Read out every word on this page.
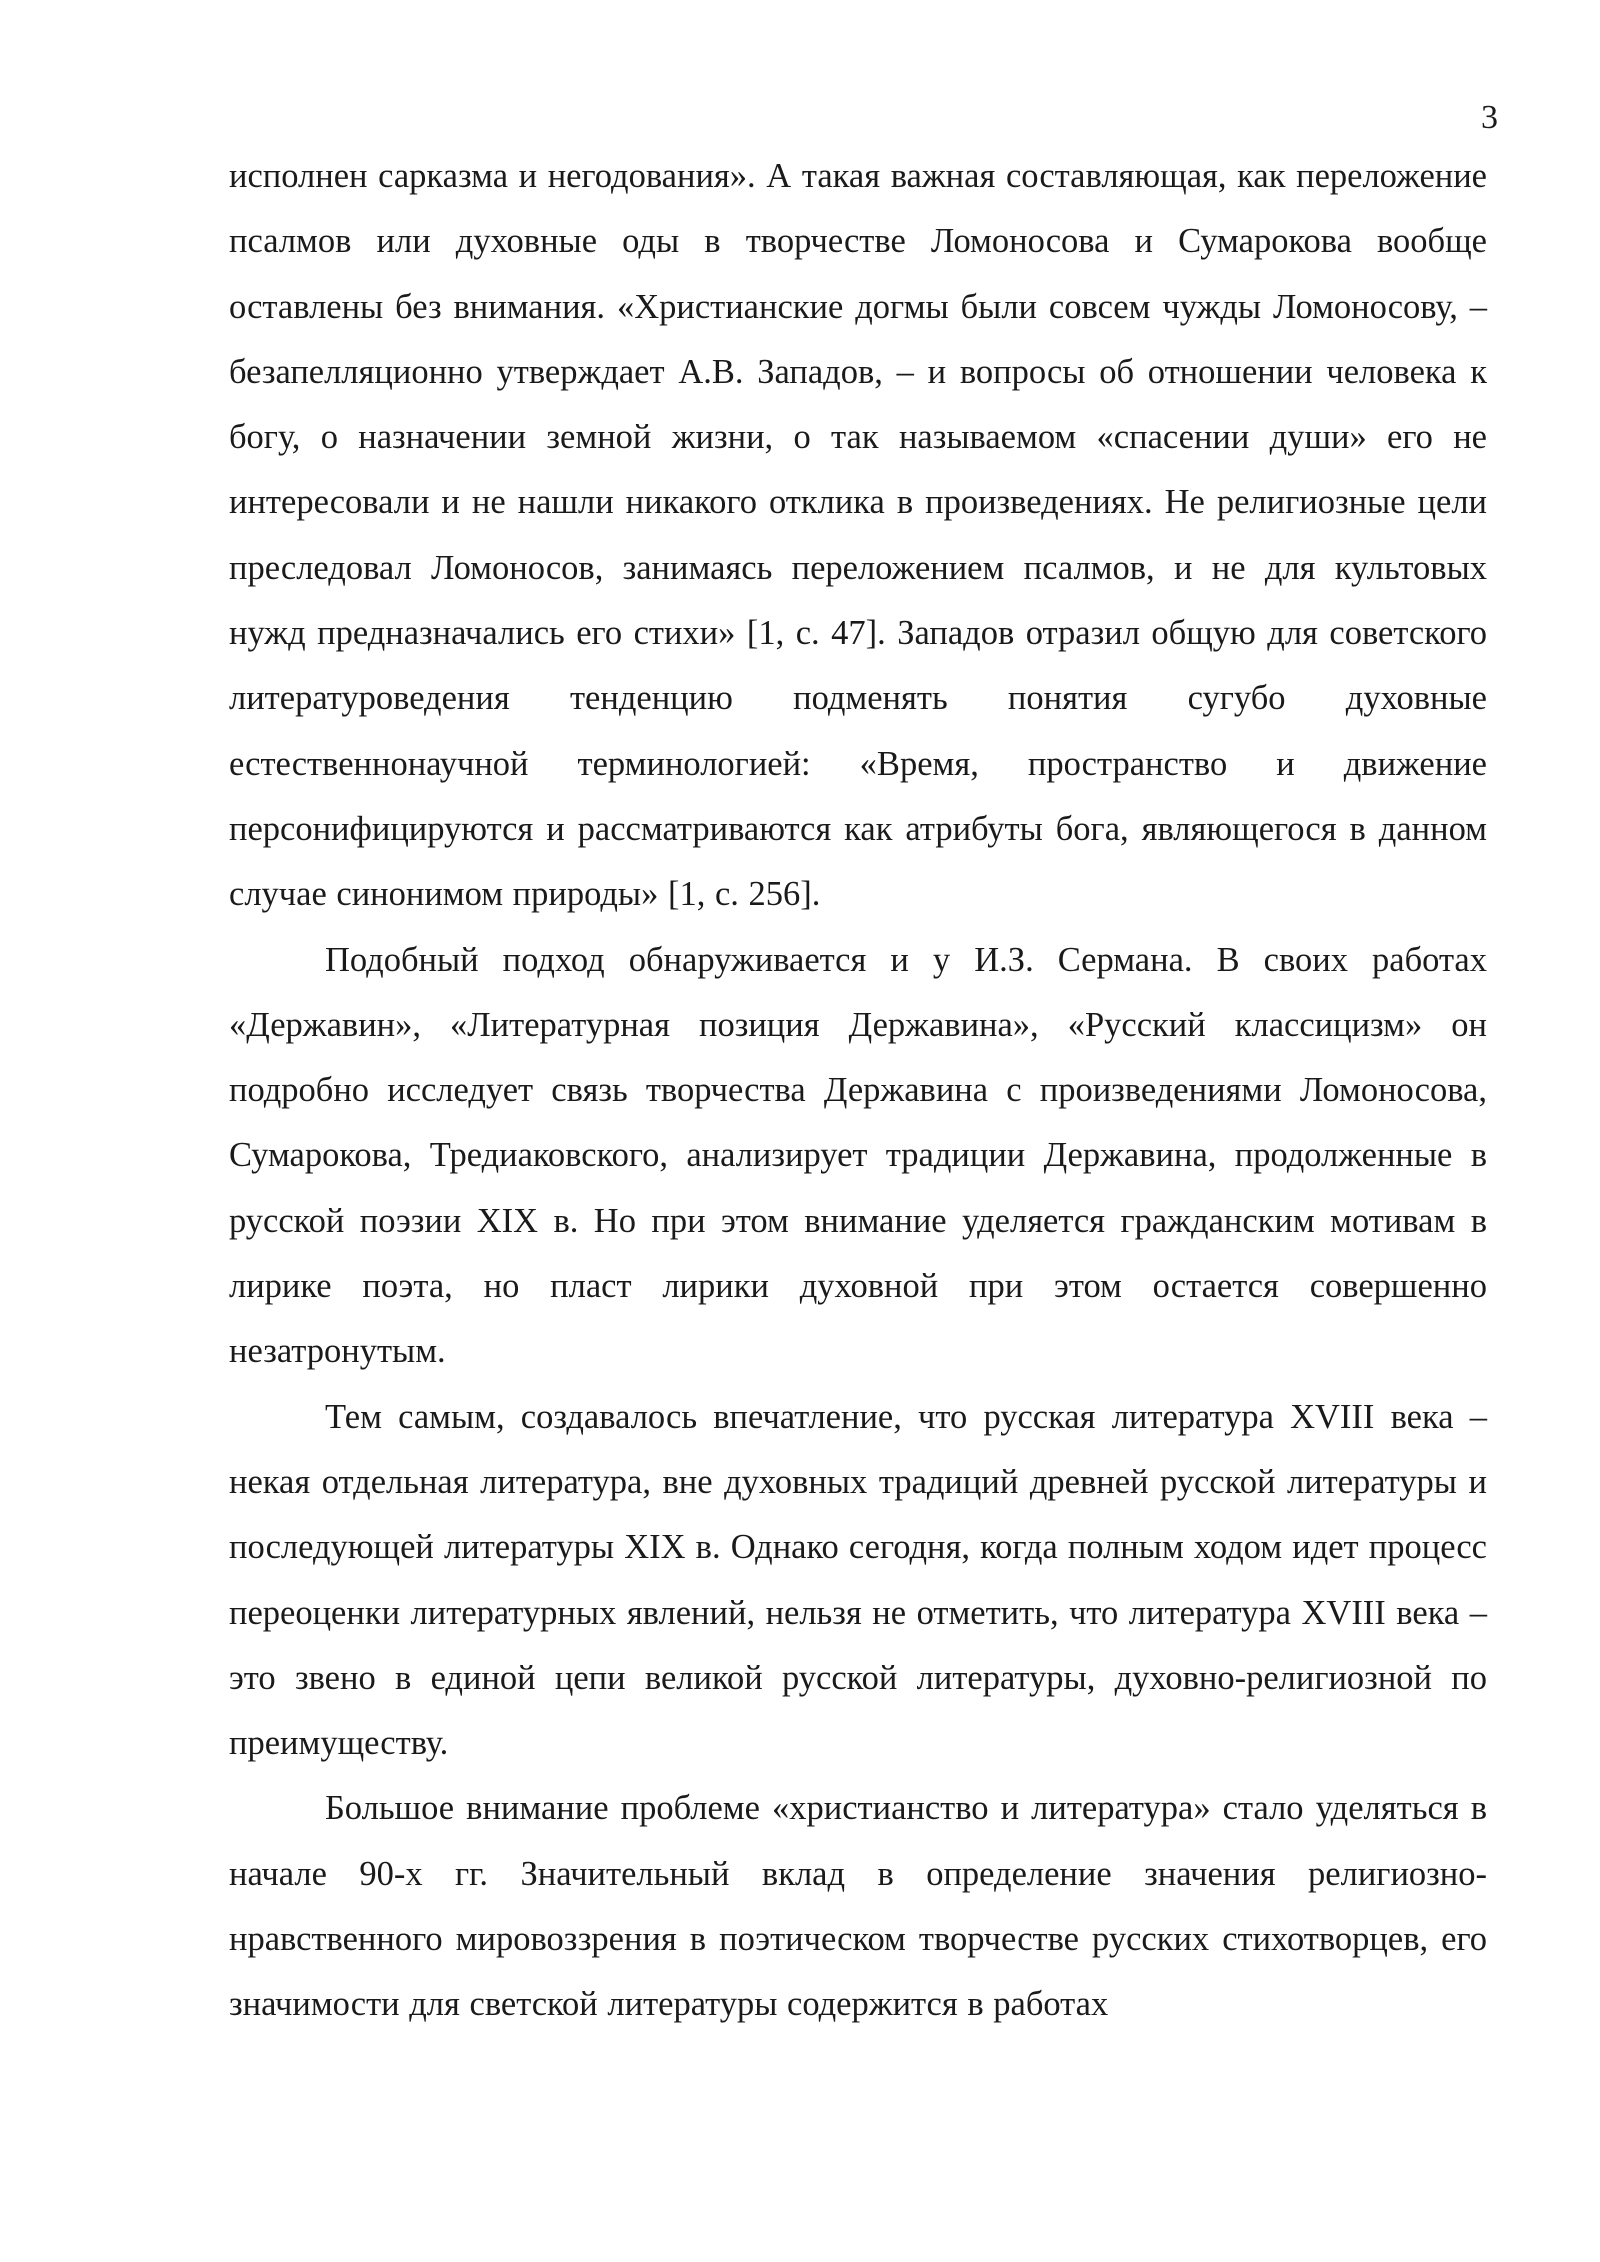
3

исполнен сарказма и негодования». А такая важная составляющая, как переложение псалмов или духовные оды в творчестве Ломоносова и Сумарокова вообще оставлены без внимания. «Христианские догмы были совсем чужды Ломоносову, – безапелляционно утверждает А.В. Западов, – и вопросы об отношении человека к богу, о назначении земной жизни, о так называемом «спасении души» его не интересовали и не нашли никакого отклика в произведениях. Не религиозные цели преследовал Ломоносов, занимаясь переложением псалмов, и не для культовых нужд предназначались его стихи» [1, с. 47]. Западов отразил общую для советского литературоведения тенденцию подменять понятия сугубо духовные естественнонаучной терминологией: «Время, пространство и движение персонифицируются и рассматриваются как атрибуты бога, являющегося в данном случае синонимом природы» [1, с. 256].

Подобный подход обнаруживается и у И.З. Сермана. В своих работах «Державин», «Литературная позиция Державина», «Русский классицизм» он подробно исследует связь творчества Державина с произведениями Ломоносова, Сумарокова, Тредиаковского, анализирует традиции Державина, продолженные в русской поэзии XIX в. Но при этом внимание уделяется гражданским мотивам в лирике поэта, но пласт лирики духовной при этом остается совершенно незатронутым.

Тем самым, создавалось впечатление, что русская литература XVIII века – некая отдельная литература, вне духовных традиций древней русской литературы и последующей литературы XIX в. Однако сегодня, когда полным ходом идет процесс переоценки литературных явлений, нельзя не отметить, что литература XVIII века – это звено в единой цепи великой русской литературы, духовно-религиозной по преимуществу.

Большое внимание проблеме «христианство и литература» стало уделяться в начале 90-х гг. Значительный вклад в определение значения религиозно-нравственного мировоззрения в поэтическом творчестве русских стихотворцев, его значимости для светской литературы содержится в работах
